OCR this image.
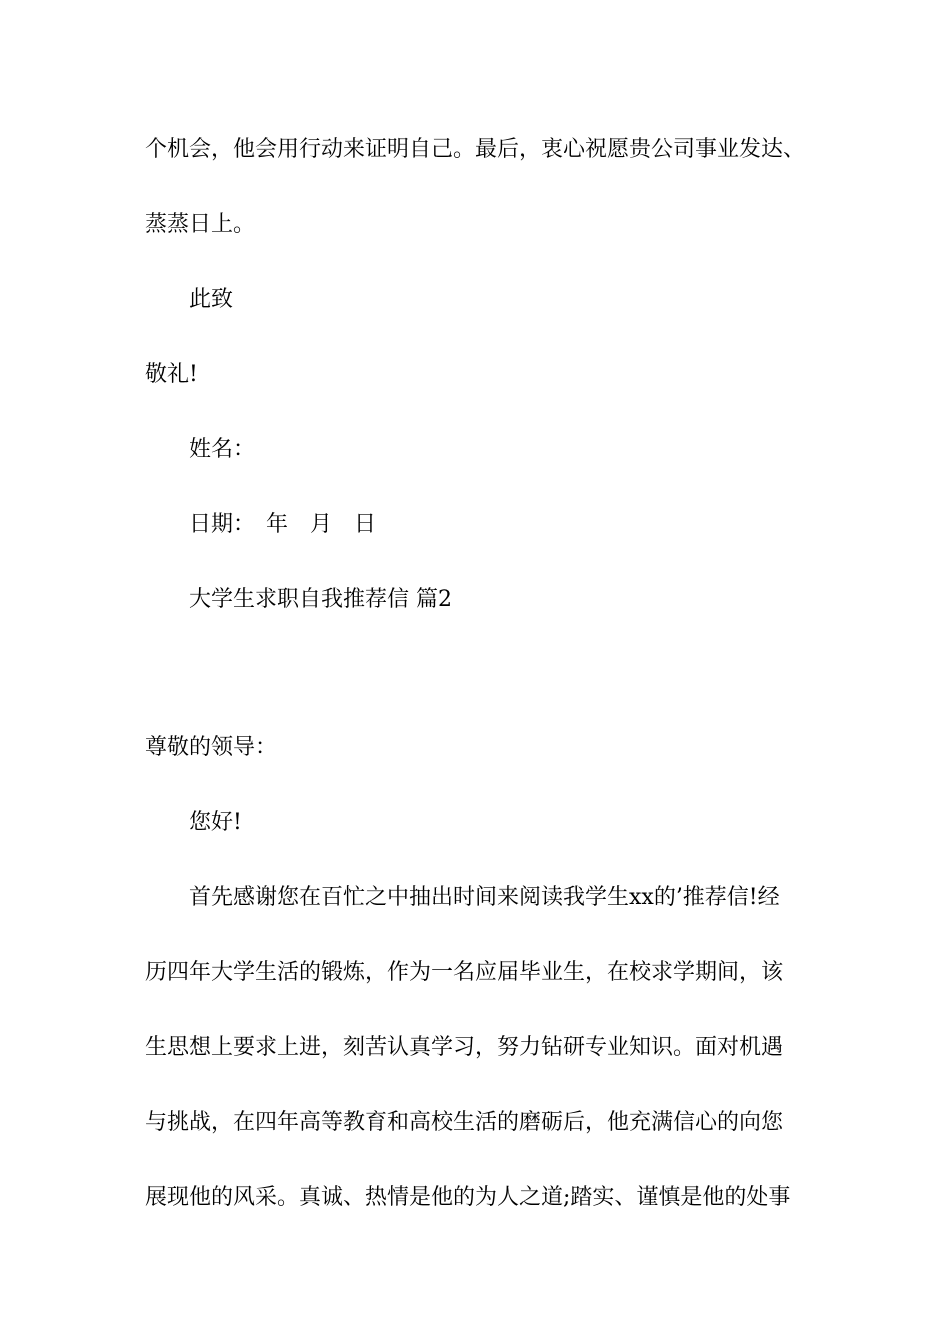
个机会，他会用行动来证明自己。最后，衷心祝愿贵公司事业发达、
蒸蒸日上。
此致
敬礼!
姓名：
日期：　年　月　日
大学生求职自我推荐信 篇2
尊敬的领导：
您好!
首先感谢您在百忙之中抽出时间来阅读我学生xx的’推荐信!经
历四年大学生活的锻炼，作为一名应届毕业生，在校求学期间，该
生思想上要求上进，刻苦认真学习，努力钻研专业知识。面对机遇
与挑战，在四年高等教育和高校生活的磨砺后，他充满信心的向您
展现他的风采。真诚、热情是他的为人之道;踏实、谨慎是他的处事
